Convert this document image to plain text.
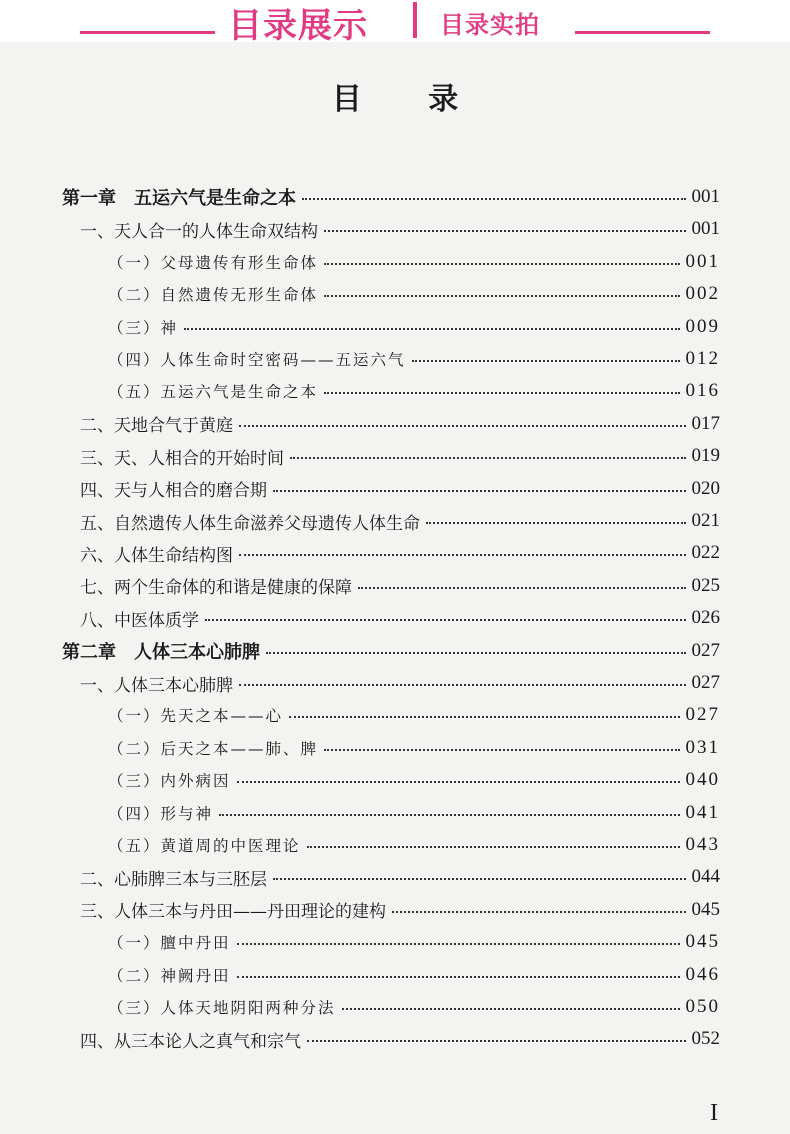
目录展示	目录实拍
目 录
第一章　五运六气是生命之本	001
一、天人合一的人体生命双结构	001
（一）父母遗传有形生命体	001
（二）自然遗传无形生命体	002
（三）神	009
（四）人体生命时空密码——五运六气	012
（五）五运六气是生命之本	016
二、天地合气于黄庭	017
三、天、人相合的开始时间	019
四、天与人相合的磨合期	020
五、自然遗传人体生命滋养父母遗传人体生命	021
六、人体生命结构图	022
七、两个生命体的和谐是健康的保障	025
八、中医体质学	026
第二章　人体三本心肺脾	027
一、人体三本心肺脾	027
（一）先天之本——心	027
（二）后天之本——肺、脾	031
（三）内外病因	040
（四）形与神	041
（五）黄道周的中医理论	043
二、心肺脾三本与三胚层	044
三、人体三本与丹田——丹田理论的建构	045
（一）膻中丹田	045
（二）神阙丹田	046
（三）人体天地阴阳两种分法	050
四、从三本论人之真气和宗气	052
I
